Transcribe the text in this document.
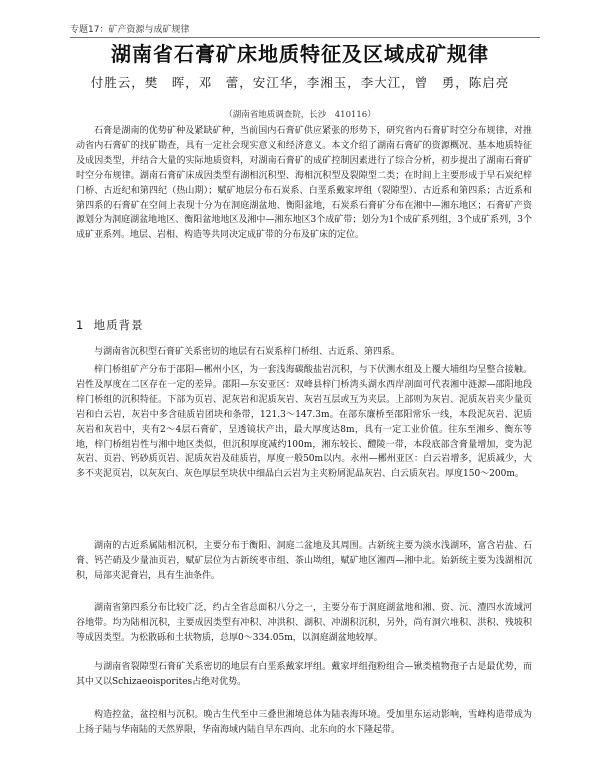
专题17：矿产资源与成矿规律
湖南省石膏矿床地质特征及区域成矿规律
付胜云，樊　晖，邓　蕾，安江华，李湘玉，李大江，曾　勇，陈启亮
（湖南省地质调查院，长沙　410116）

石膏是湖南的优势矿种及紧缺矿种，当前国内石膏矿供应紧张的形势下，研究省内石膏矿时空分布规律，对推动省内石膏矿的找矿勘查，具有一定社会现实意义和经济意义。本文介绍了湖南石膏矿的资源概况、基本地质特征及成因类型，并结合大量的实际地质资料，对湖南石膏矿的成矿控制因素进行了综合分析，初步提出了湖南石膏矿时空分布规律。湖南石膏矿床成因类型有湖相沉积型、海相沉积型及裂隙型二类；在时间上主要形成于早石炭纪梓门桥、古近纪和第四纪（热山期）；赋矿地层分布石炭系、白垩系戴家坪组（裂隙型）、古近系和第四系；古近系和第四系的石膏矿在空间上表现十分为在洞庭湖盆地、衡阳盆地，石炭系石膏矿分布在湘中—湘东地区；石膏矿产资源划分为洞庭湖盆地地区、衡阳盆地地区及湘中—湘东地区3个成矿带；划分为1个成矿系列组，3个成矿系列，3个成矿亚系列。地层、岩相、构造等共同决定成矿带的分布及矿床的定位。

1 地质背景

与湖南省沉积型石膏矿关系密切的地层有石炭系梓门桥组、古近系、第四系。

梓门桥组矿产分布于邵阳—郴州小区，为一套浅海碳酸盐岩沉积，与下伏测水组及上覆大埔组均呈整合接触。岩性及厚度在二区存在一定的差异。邵阳—东安亚区：双峰县梓门桥湾头湖水西岸剖面可代表湘中涟源—邵阳地段梓门桥组的沉积特征。下部为页岩、泥灰岩和泥质灰岩、灰岩互层或互为夹层。上部则为灰岩、泥质灰岩夹少量页岩和白云岩，灰岩中多含硅质岩团块和条带，121.3～147.3m。在部东廉桥至邵阳常乐一线，本段泥灰岩、泥质灰岩和灰岩中，夹有2～4层石膏矿，呈透镜状产出，最大厚度达8m，具有一定工业价值。往东至湘乡、衡东等地，梓门桥组岩性与湘中地区类似，但沉积厚度减约100m，湘东较长、醴陵一带，本段底部含膏量增加，变为泥灰岩、页岩、钙砂质页岩、泥质灰岩及硅质岩，厚度一般50m以内。永州—郴州亚区：白云岩增多，泥质减少，大多不夹泥页岩，以灰灰白、灰色厚层至块状中细晶白云岩为主夹粉屑泥晶灰岩、白云质灰岩。厚度150～200m。

湖南的古近系属陆相沉积，主要分布于衡阳、洞庭二盆地及其周围。古新统主要为淡水浅湖环，富含岩盐、石膏、钙芒硝及少量油页岩，赋矿层位为古新统枣市组、茶山坳组，赋矿地区湘西—湘中北。始新统主要为浅湖相沉积，局部夹泥膏岩，具有生油条件。

湖南省第四系分布比较广泛，约占全省总面积八分之一，主要分布于洞庭湖盆地和湘、资、沅、澧四水流域河谷地带。均为陆相沉积，主要成因类型有冲积、冲洪积、湖积、冲湖积沉积，另外，尚有洞穴堆积、洪积、残坡积等成因类型。为松散砾和土状物质，总厚0～334.05m，以洞庭湖盆地较厚。

与湖南省裂隙型石膏矿关系密切的地层有白垩系戴家坪组。戴家坪组孢粉组合—锹类植物孢子古是最优势，而其中又以Schizaeoisporites占绝对优势。

构造控盆，盆控相与沉积。晚古生代至中三叠世湘境总体为陆表海环境。受加里东运动影响，雪峰构造带成为上扬子陆与华南陆的天然界限，华南海域内陆自早东西向、北东向的水下隆起带。
